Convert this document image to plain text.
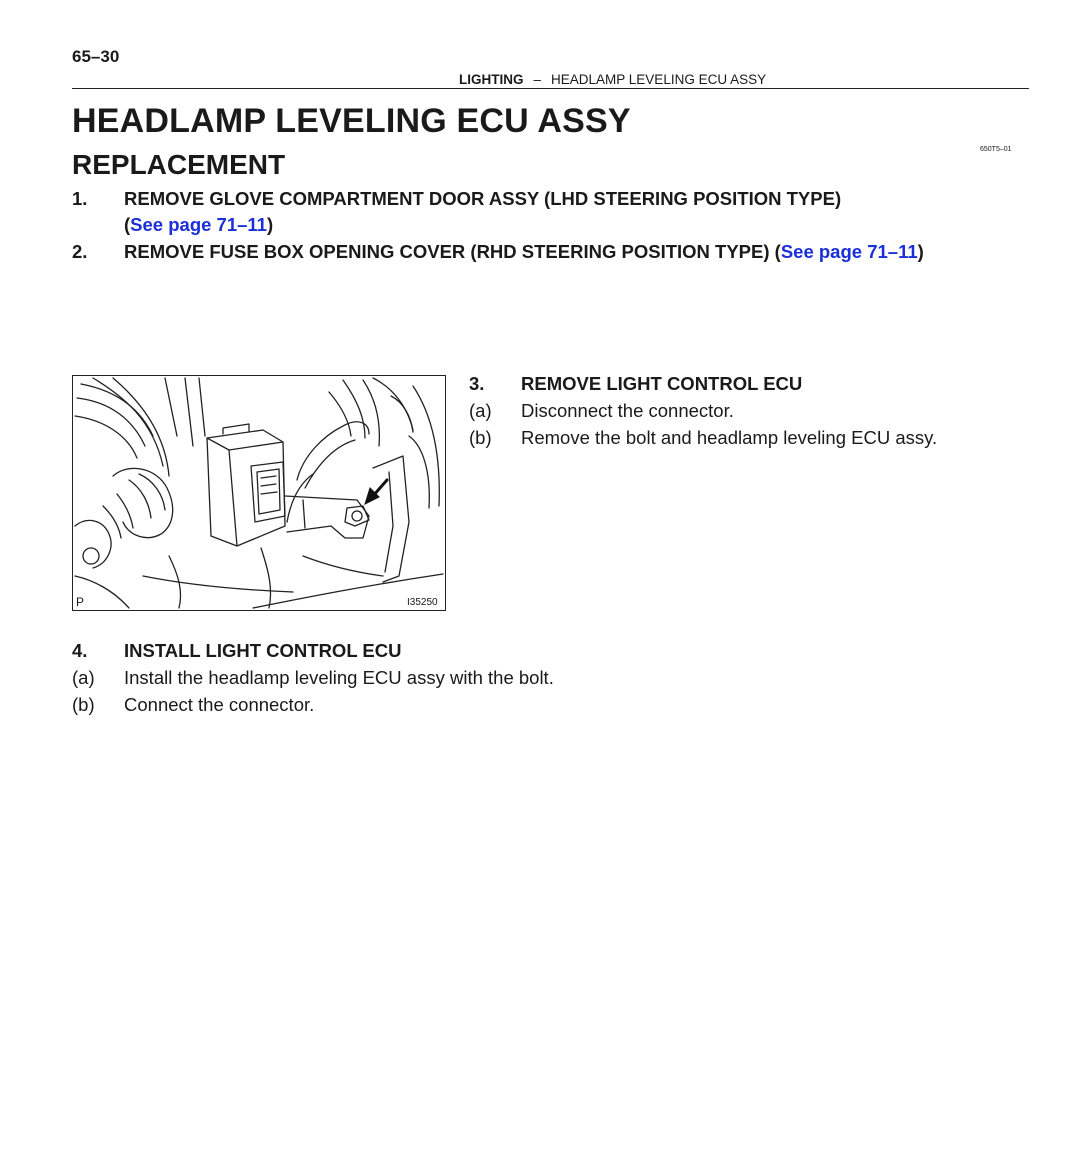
65–30
LIGHTING – HEADLAMP LEVELING ECU ASSY
HEADLAMP LEVELING ECU ASSY
650T5–01
REPLACEMENT
1. REMOVE GLOVE COMPARTMENT DOOR ASSY (LHD STEERING POSITION TYPE)
(See page 71–11)
2. REMOVE FUSE BOX OPENING COVER (RHD STEERING POSITION TYPE) (See page 71–11)
P	I35250
3. REMOVE LIGHT CONTROL ECU
(a) Disconnect the connector.
(b) Remove the bolt and headlamp leveling ECU assy.
4. INSTALL LIGHT CONTROL ECU
(a) Install the headlamp leveling ECU assy with the bolt.
(b) Connect the connector.
